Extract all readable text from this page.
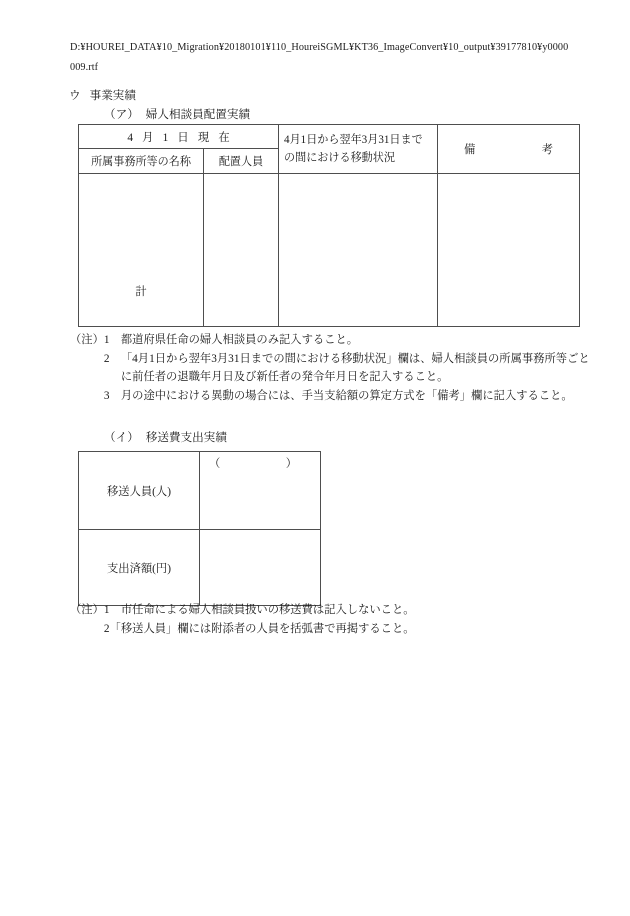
D:¥HOUREI_DATA¥10_Migration¥20180101¥110_HoureiSGML¥KT36_ImageConvert¥10_output¥39177810¥y0000009.rtf
ウ 事業実績
（ア） 婦人相談員配置実績
4 月 1 日 現 在		4月1日から翌年3月31日までの間における移動状況	備 考

所属事務所等の名称	配置人員		

計			

（注）1　 都道府県任命の婦人相談員のみ記入すること。
　　　2　 「4月1日から翌年3月31日までの間における移動状況」欄は、婦人相談員の所属事務所等ごとに前任者の退職年月日及び新任者の発令年月日を記入すること。
　　　3　 月の途中における異動の場合には、手当支給額の算定方式を「備考」欄に記入すること。
（イ） 移送費支出実績
移送人員(人)	（ ）

支出済額(円)	
（注）1　 市任命による婦人相談員扱いの移送費は記入しないこと。
　　　2 「移送人員」欄には附添者の人員を括弧書で再掲すること。
